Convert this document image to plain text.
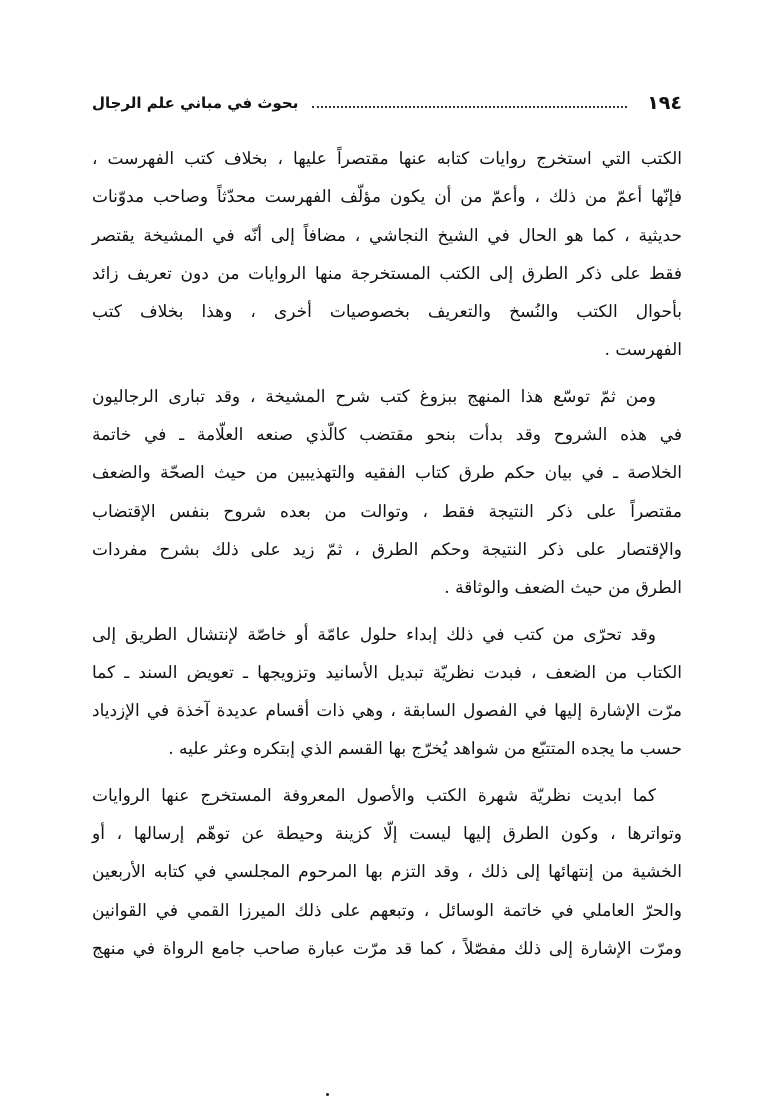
١٩٤
بحوث في مباني علم الرجال
الكتب التي استخرج روايات كتابه عنها مقتصراً عليها ، بخلاف كتب الفهرست ،
فإنّها أعمّ من ذلك ، وأعمّ من أن يكون مؤلّف الفهرست محدّثاً وصاحب مدوّنات
حديثية ، كما هو الحال في الشيخ النجاشي ، مضافاً إلى أنّه في المشيخة يقتصر
فقط على ذكر الطرق إلى الكتب المستخرجة منها الروايات من دون تعريف زائد
بأحوال الكتب والنُسخ والتعريف بخصوصيات أخرى ، وهذا بخلاف كتب
الفهرست .
ومن ثمّ توسّع هذا المنهج ببزوغ كتب شرح المشيخة ، وقد تبارى الرجاليون
في هذه الشروح وقد بدأت بنحو مقتضب كالّذي صنعه العلّامة ـ في خاتمة
الخلاصة ـ في بيان حكم طرق كتاب الفقيه والتهذيبين من حيث الصحّة والضعف
مقتصراً على ذكر النتيجة فقط ، وتوالت من بعده شروح بنفس الإقتضاب
والإقتصار على ذكر النتيجة وحكم الطرق ، ثمّ زيد على ذلك بشرح مفردات
الطرق من حيث الضعف والوثاقة .
وقد تحرّى من كتب في ذلك إبداء حلول عامّة أو خاصّة لإنتشال الطريق إلى
الكتاب من الضعف ، فبدت نظريّة تبديل الأسانيد وتزويجها ـ تعويض السند ـ كما
مرّت الإشارة إليها في الفصول السابقة ، وهي ذات أقسام عديدة آخذة في الإزدياد
حسب ما يجده المتتبّع من شواهد يُخرّج بها القسم الذي إبتكره وعثر عليه .
كما ابديت نظريّة شهرة الكتب والأصول المعروفة المستخرج عنها الروايات
وتواترها ، وكون الطرق إليها ليست إلّا كزينة وحيطة عن توهّم إرسالها ، أو
الخشية من إنتهائها إلى ذلك ، وقد التزم بها المرحوم المجلسي في كتابه الأربعين
والحرّ العاملي في خاتمة الوسائل ، وتبعهم على ذلك الميرزا القمي في القوانين
ومرّت الإشارة إلى ذلك مفصّلاً ، كما قد مرّت عبارة صاحب جامع الرواة في منهج
